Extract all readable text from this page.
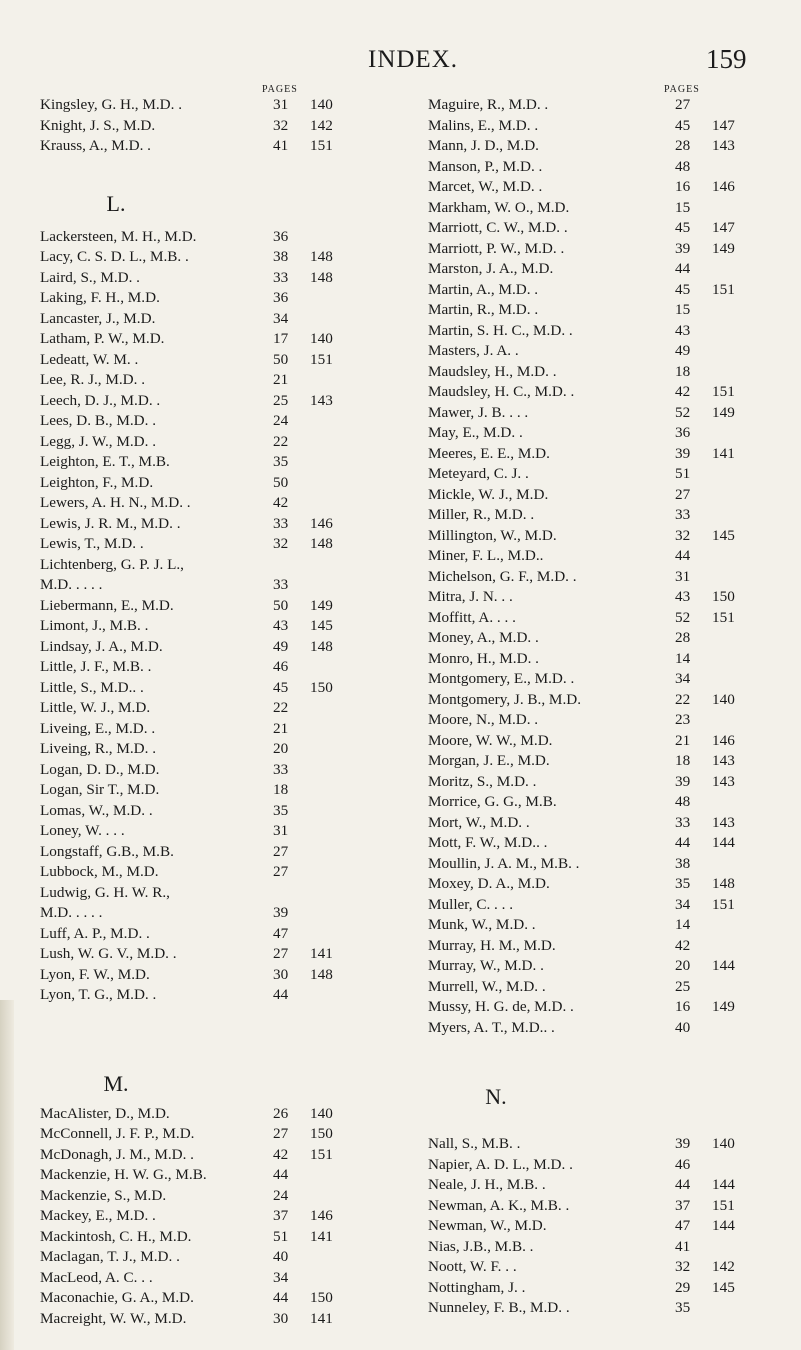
INDEX.	159
PAGES
Kingsley, G. H., M.D. .	31 140
Knight, J. S., M.D.	32 142
Krauss, A., M.D. .	41 151
L.
Lackersteen, M. H., M.D.	36
Lacy, C. S. D. L., M.B. .	38 148
Laird, S., M.D. .	33 148
Laking, F. H., M.D.	36
Lancaster, J., M.D.	34
Latham, P. W., M.D.	17 140
Ledeatt, W. M. .	50 151
Lee, R. J., M.D. .	21
Leech, D. J., M.D. .	25 143
Lees, D. B., M.D. .	24
Legg, J. W., M.D. .	22
Leighton, E. T., M.B.	35
Leighton, F., M.D.	50
Lewers, A. H. N., M.D. .	42
Lewis, J. R. M., M.D. .	33 146
Lewis, T., M.D. .	32 148
Lichtenberg, G. P. J. L.,
M.D. . . . .	33
Liebermann, E., M.D.	50 149
Limont, J., M.B. .	43 145
Lindsay, J. A., M.D.	49 148
Little, J. F., M.B. .	46
Little, S., M.D.. .	45 150
Little, W. J., M.D.	22
Liveing, E., M.D. .	21
Liveing, R., M.D. .	20
Logan, D. D., M.D.	33
Logan, Sir T., M.D.	18
Lomas, W., M.D. .	35
Loney, W. . . .	31
Longstaff, G.B., M.B.	27
Lubbock, M., M.D.	27
Ludwig, G. H. W. R.,
M.D. . . . .	39
Luff, A. P., M.D. .	47
Lush, W. G. V., M.D. .	27 141
Lyon, F. W., M.D.	30 148
Lyon, T. G., M.D. .	44
M.
MacAlister, D., M.D.	26 140
McConnell, J. F. P., M.D.	27 150
McDonagh, J. M., M.D. .	42 151
Mackenzie, H. W. G., M.B.	44
Mackenzie, S., M.D.	24
Mackey, E., M.D. .	37 146
Mackintosh, C. H., M.D.	51 141
Maclagan, T. J., M.D. .	40
MacLeod, A. C. . .	34
Maconachie, G. A., M.D.	44 150
Macreight, W. W., M.D.	30 141
PAGES
Maguire, R., M.D. .	27
Malins, E., M.D. .	45 147
Mann, J. D., M.D.	28 143
Manson, P., M.D. .	48
Marcet, W., M.D. .	16 146
Markham, W. O., M.D.	15
Marriott, C. W., M.D. .	45 147
Marriott, P. W., M.D. .	39 149
Marston, J. A., M.D.	44
Martin, A., M.D. .	45 151
Martin, R., M.D. .	15
Martin, S. H. C., M.D. .	43
Masters, J. A. .	49
Maudsley, H., M.D. .	18
Maudsley, H. C., M.D. .	42 151
Mawer, J. B. . . .	52 149
May, E., M.D. .	36
Meeres, E. E., M.D.	39 141
Meteyard, C. J. .	51
Mickle, W. J., M.D.	27
Miller, R., M.D. .	33
Millington, W., M.D.	32 145
Miner, F. L., M.D..	44
Michelson, G. F., M.D. .	31
Mitra, J. N. . .	43 150
Moffitt, A. . . .	52 151
Money, A., M.D. .	28
Monro, H., M.D. .	14
Montgomery, E., M.D. .	34
Montgomery, J. B., M.D.	22 140
Moore, N., M.D. .	23
Moore, W. W., M.D.	21 146
Morgan, J. E., M.D.	18 143
Moritz, S., M.D. .	39 143
Morrice, G. G., M.B.	48
Mort, W., M.D. .	33 143
Mott, F. W., M.D.. .	44 144
Moullin, J. A. M., M.B. .	38
Moxey, D. A., M.D.	35 148
Muller, C. . . .	34 151
Munk, W., M.D. .	14
Murray, H. M., M.D.	42
Murray, W., M.D. .	20 144
Murrell, W., M.D. .	25
Mussy, H. G. de, M.D. .	16 149
Myers, A. T., M.D.. .	40
N.
Nall, S., M.B. .	39 140
Napier, A. D. L., M.D. .	46
Neale, J. H., M.B. .	44 144
Newman, A. K., M.B. .	37 151
Newman, W., M.D.	47 144
Nias, J.B., M.B. .	41
Noott, W. F. . .	32 142
Nottingham, J. .	29 145
Nunneley, F. B., M.D. .	35
